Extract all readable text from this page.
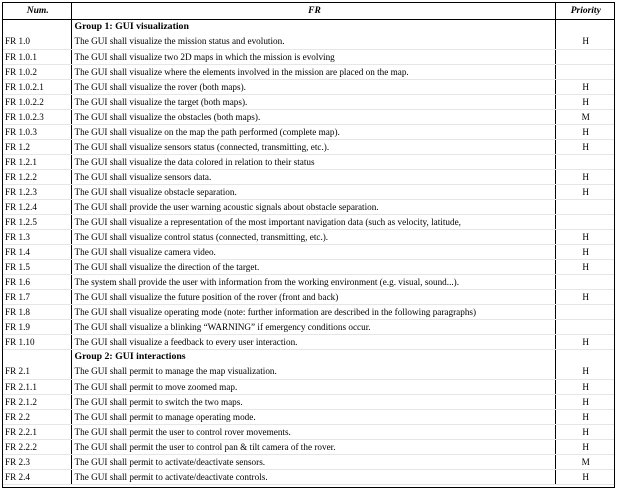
Num.	FR	Priority
	Group 1: GUI visualization	
FR 1.0	The GUI shall visualize the mission status and evolution.	H
FR 1.0.1	The GUI shall visualize two 2D maps in which the mission is evolving	
FR 1.0.2	The GUI shall visualize where the elements involved in the mission are placed on the map.	
FR 1.0.2.1	The GUI shall visualize the rover (both maps).	H
FR 1.0.2.2	The GUI shall visualize the target (both maps).	H
FR 1.0.2.3	The GUI shall visualize the obstacles (both maps).	M
FR 1.0.3	The GUI shall visualize on the map the path performed (complete map).	H
FR 1.2	The GUI shall visualize sensors status (connected, transmitting, etc.).	H
FR 1.2.1	The GUI shall visualize the data colored in relation to their status	
FR 1.2.2	The GUI shall visualize sensors data.	H
FR 1.2.3	The GUI shall visualize obstacle separation.	H
FR 1.2.4	The GUI shall provide the user warning acoustic signals about obstacle separation.	
FR 1.2.5	The GUI shall visualize a representation of the most important navigation data (such as velocity, latitude,	
FR 1.3	The GUI shall visualize control status (connected, transmitting, etc.).	H
FR 1.4	The GUI shall visualize camera video.	H
FR 1.5	The GUI shall visualize the direction of the target.	H
FR 1.6	The system shall provide the user with information from the working environment (e.g. visual, sound...).	
FR 1.7	The GUI shall visualize the future position of the rover (front and back)	H
FR 1.8	The GUI shall visualize operating mode (note: further information are described in the following paragraphs)	
FR 1.9	The GUI shall visualize a blinking “WARNING” if emergency conditions occur.	
FR 1.10	The GUI shall visualize a feedback to every user interaction.	H
	Group 2: GUI interactions	
FR 2.1	The GUI shall permit to manage the map visualization.	H
FR 2.1.1	The GUI shall permit to move zoomed map.	H
FR 2.1.2	The GUI shall permit to switch the two maps.	H
FR 2.2	The GUI shall permit to manage operating mode.	H
FR 2.2.1	The GUI shall permit the user to control rover movements.	H
FR 2.2.2	The GUI shall permit the user to control pan & tilt camera of the rover.	H
FR 2.3	The GUI shall permit to activate/deactivate sensors.	M
FR 2.4	The GUI shall permit to activate/deactivate controls.	H
